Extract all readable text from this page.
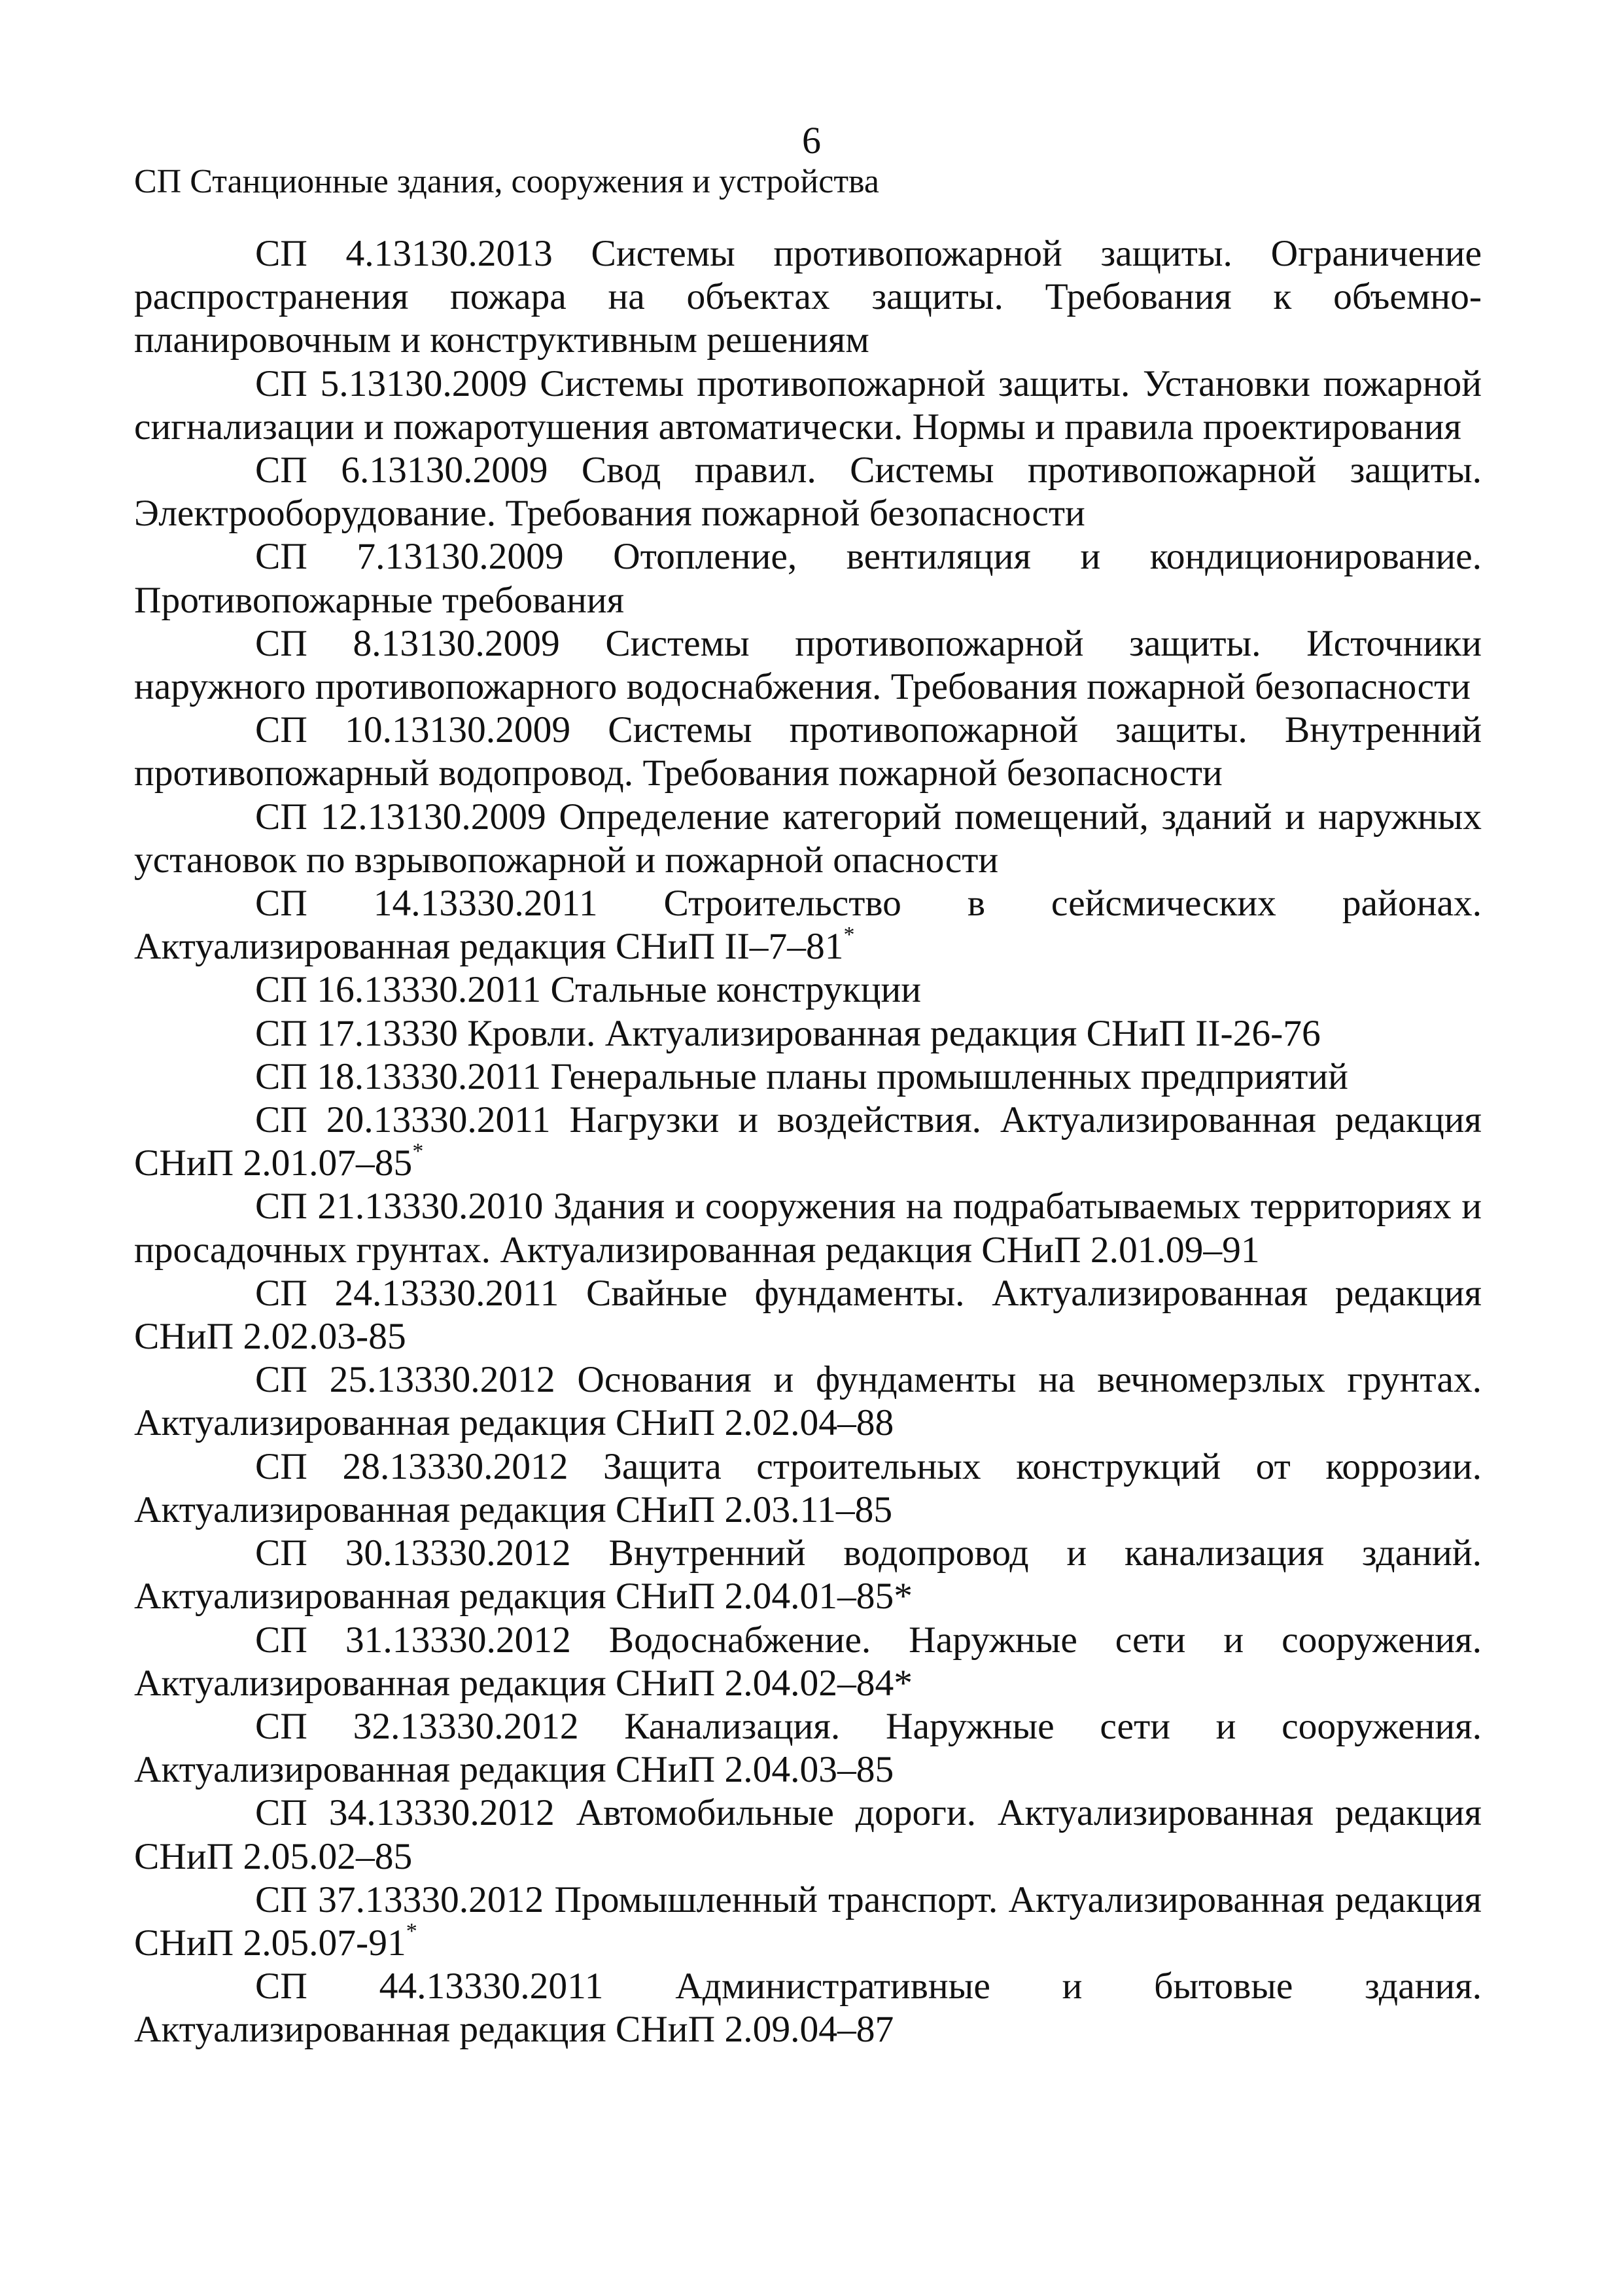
6
СП Станционные здания, сооружения и устройства

СП 4.13130.2013 Системы противопожарной защиты. Ограничение распространения пожара на объектах защиты. Требования к объемно-планировочным и конструктивным решениям

СП 5.13130.2009 Системы противопожарной защиты. Установки пожарной сигнализации и пожаротушения автоматически. Нормы и правила проектирования

СП 6.13130.2009 Свод правил. Системы противопожарной защиты. Электрооборудование. Требования пожарной безопасности

СП 7.13130.2009 Отопление, вентиляция и кондиционирование. Противопожарные требования

СП 8.13130.2009 Системы противопожарной защиты. Источники наружного противопожарного водоснабжения. Требования пожарной безопасности

СП 10.13130.2009 Системы противопожарной защиты. Внутренний противопожарный водопровод. Требования пожарной безопасности

СП 12.13130.2009 Определение категорий помещений, зданий и наружных установок по взрывопожарной и пожарной опасности

СП 14.13330.2011 Строительство в сейсмических районах. Актуализированная редакция СНиП II–7–81*

СП 16.13330.2011 Стальные конструкции

СП 17.13330 Кровли. Актуализированная редакция СНиП II-26-76

СП 18.13330.2011 Генеральные планы промышленных предприятий

СП 20.13330.2011 Нагрузки и воздействия. Актуализированная редакция СНиП 2.01.07–85*

СП 21.13330.2010 Здания и сооружения на подрабатываемых территориях и просадочных грунтах. Актуализированная редакция СНиП 2.01.09–91

СП 24.13330.2011 Свайные фундаменты. Актуализированная редакция СНиП 2.02.03-85

СП 25.13330.2012 Основания и фундаменты на вечномерзлых грунтах. Актуализированная редакция СНиП 2.02.04–88

СП 28.13330.2012 Защита строительных конструкций от коррозии. Актуализированная редакция СНиП 2.03.11–85

СП 30.13330.2012 Внутренний водопровод и канализация зданий. Актуализированная редакция СНиП 2.04.01–85*

СП 31.13330.2012 Водоснабжение. Наружные сети и сооружения. Актуализированная редакция СНиП 2.04.02–84*

СП 32.13330.2012 Канализация. Наружные сети и сооружения. Актуализированная редакция СНиП 2.04.03–85

СП 34.13330.2012 Автомобильные дороги. Актуализированная редакция СНиП 2.05.02–85

СП 37.13330.2012 Промышленный транспорт. Актуализированная редакция СНиП 2.05.07-91*

СП 44.13330.2011 Административные и бытовые здания. Актуализированная редакция СНиП 2.09.04–87
